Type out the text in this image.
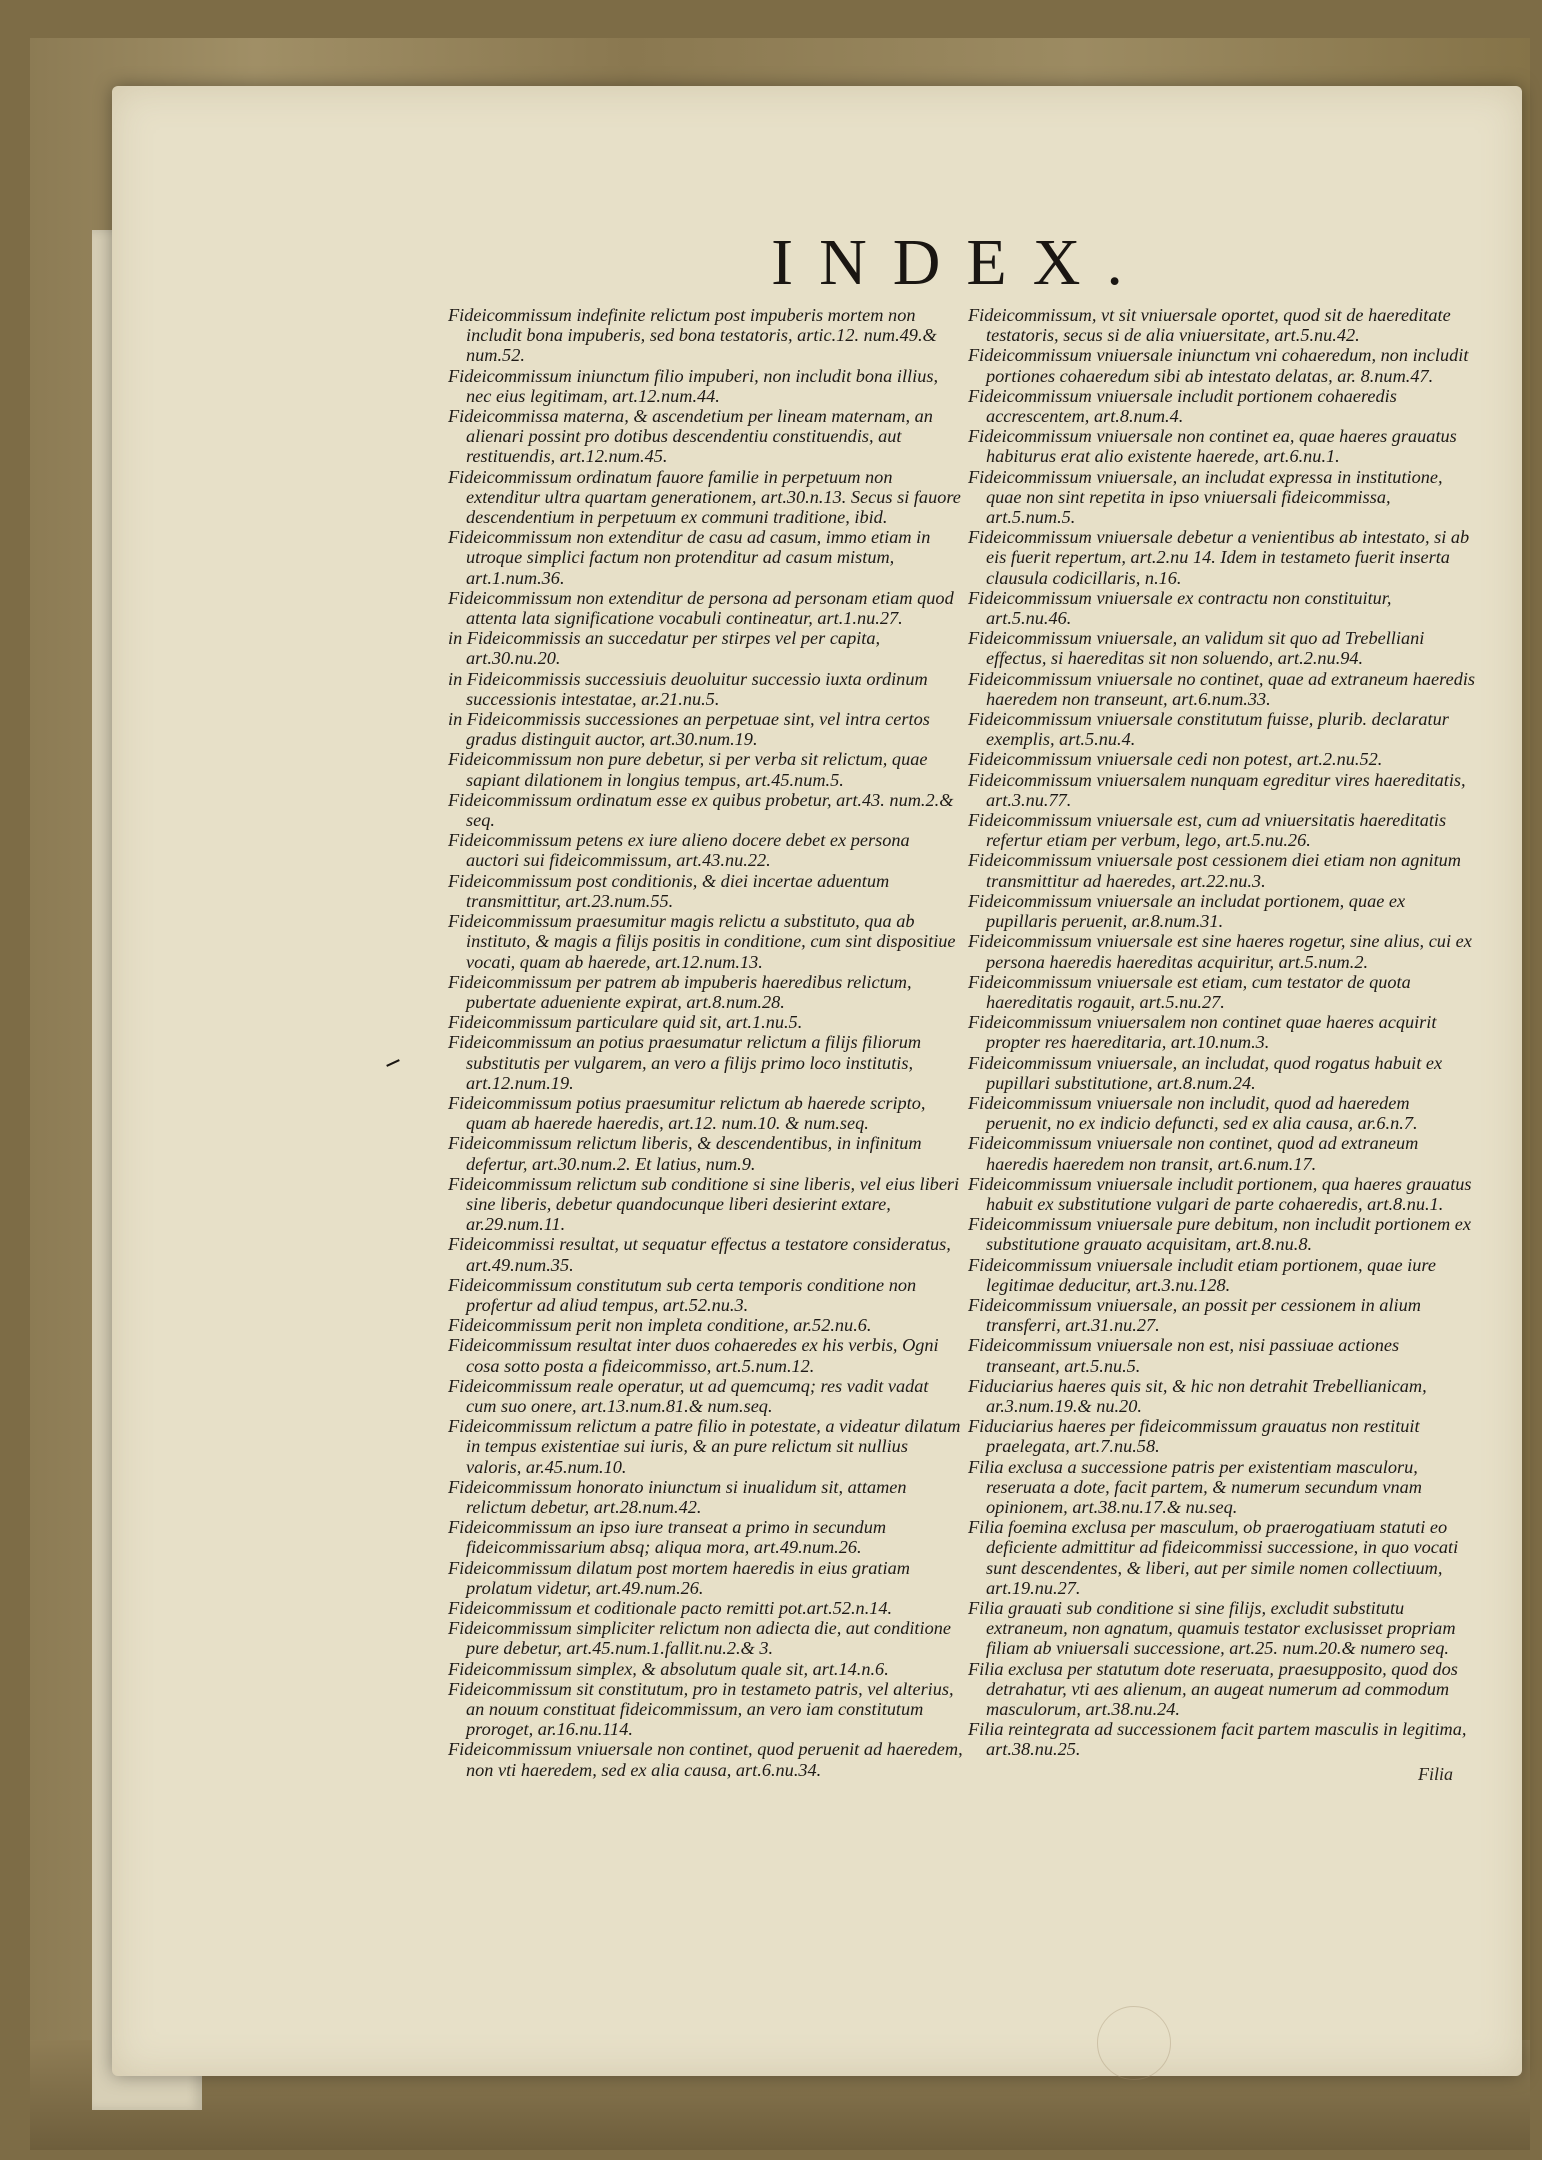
INDEX.

Fideicommissum indefinite relictum post impuberis mortem non includit bona impuberis, sed bona testatoris, artic.12. num.49.& num.52.

Fideicommissum iniunctum filio impuberi, non includit bona illius, nec eius legitimam, art.12.num.44.

Fideicommissa materna, & ascendetium per lineam maternam, an alienari possint pro dotibus descendentiu constituendis, aut restituendis, art.12.num.45.

Fideicommissum ordinatum fauore familie in perpetuum non extenditur ultra quartam generationem, art.30.n.13. Secus si fauore descendentium in perpetuum ex communi traditione, ibid.

Fideicommissum non extenditur de casu ad casum, immo etiam in utroque simplici factum non protenditur ad casum mistum, art.1.num.36.

Fideicommissum non extenditur de persona ad personam etiam quod attenta lata significatione vocabuli contineatur, art.1.nu.27.

in Fideicommissis an succedatur per stirpes vel per capita, art.30.nu.20.

in Fideicommissis successiuis deuoluitur successio iuxta ordinum successionis intestatae, ar.21.nu.5.

in Fideicommissis successiones an perpetuae sint, vel intra certos gradus distinguit auctor, art.30.num.19.

Fideicommissum non pure debetur, si per verba sit relictum, quae sapiant dilationem in longius tempus, art.45.num.5.

Fideicommissum ordinatum esse ex quibus probetur, art.43. num.2.& seq.

Fideicommissum petens ex iure alieno docere debet ex persona auctori sui fideicommissum, art.43.nu.22.

Fideicommissum post conditionis, & diei incertae aduentum transmittitur, art.23.num.55.

Fideicommissum praesumitur magis relictu a substituto, qua ab instituto, & magis a filijs positis in conditione, cum sint dispositiue vocati, quam ab haerede, art.12.num.13.

Fideicommissum per patrem ab impuberis haeredibus relictum, pubertate adueniente expirat, art.8.num.28.

Fideicommissum particulare quid sit, art.1.nu.5.

Fideicommissum an potius praesumatur relictum a filijs filiorum substitutis per vulgarem, an vero a filijs primo loco institutis, art.12.num.19.

Fideicommissum potius praesumitur relictum ab haerede scripto, quam ab haerede haeredis, art.12. num.10. & num.seq.

Fideicommissum relictum liberis, & descendentibus, in infinitum defertur, art.30.num.2. Et latius, num.9.

Fideicommissum relictum sub conditione si sine liberis, vel eius liberi sine liberis, debetur quandocunque liberi desierint extare, ar.29.num.11.

Fideicommissi resultat, ut sequatur effectus a testatore consideratus, art.49.num.35.

Fideicommissum constitutum sub certa temporis conditione non profertur ad aliud tempus, art.52.nu.3.

Fideicommissum perit non impleta conditione, ar.52.nu.6.

Fideicommissum resultat inter duos cohaeredes ex his verbis, Ogni cosa sotto posta a fideicommisso, art.5.num.12.

Fideicommissum reale operatur, ut ad quemcumq; res vadit vadat cum suo onere, art.13.num.81.& num.seq.

Fideicommissum relictum a patre filio in potestate, a videatur dilatum in tempus existentiae sui iuris, & an pure relictum sit nullius valoris, ar.45.num.10.

Fideicommissum honorato iniunctum si inualidum sit, attamen relictum debetur, art.28.num.42.

Fideicommissum an ipso iure transeat a primo in secundum fideicommissarium absq; aliqua mora, art.49.num.26.

Fideicommissum dilatum post mortem haeredis in eius gratiam prolatum videtur, art.49.num.26.

Fideicommissum et coditionale pacto remitti pot.art.52.n.14.

Fideicommissum simpliciter relictum non adiecta die, aut conditione pure debetur, art.45.num.1.fallit.nu.2.& 3.

Fideicommissum simplex, & absolutum quale sit, art.14.n.6.

Fideicommissum sit constitutum, pro in testameto patris, vel alterius, an nouum constituat fideicommissum, an vero iam constitutum proroget, ar.16.nu.114.

Fideicommissum vniuersale non continet, quod peruenit ad haeredem, non vti haeredem, sed ex alia causa, art.6.nu.34.

Fideicommissum, vt sit vniuersale oportet, quod sit de haereditate testatoris, secus si de alia vniuersitate, art.5.nu.42.

Fideicommissum vniuersale iniunctum vni cohaeredum, non includit portiones cohaeredum sibi ab intestato delatas, ar. 8.num.47.

Fideicommissum vniuersale includit portionem cohaeredis accrescentem, art.8.num.4.

Fideicommissum vniuersale non continet ea, quae haeres grauatus habiturus erat alio existente haerede, art.6.nu.1.

Fideicommissum vniuersale, an includat expressa in institutione, quae non sint repetita in ipso vniuersali fideicommissa, art.5.num.5.

Fideicommissum vniuersale debetur a venientibus ab intestato, si ab eis fuerit repertum, art.2.nu 14. Idem in testameto fuerit inserta clausula codicillaris, n.16.

Fideicommissum vniuersale ex contractu non constituitur, art.5.nu.46.

Fideicommissum vniuersale, an validum sit quo ad Trebelliani effectus, si haereditas sit non soluendo, art.2.nu.94.

Fideicommissum vniuersale no continet, quae ad extraneum haeredis haeredem non transeunt, art.6.num.33.

Fideicommissum vniuersale constitutum fuisse, plurib. declaratur exemplis, art.5.nu.4.

Fideicommissum vniuersale cedi non potest, art.2.nu.52.

Fideicommissum vniuersalem nunquam egreditur vires haereditatis, art.3.nu.77.

Fideicommissum vniuersale est, cum ad vniuersitatis haereditatis refertur etiam per verbum, lego, art.5.nu.26.

Fideicommissum vniuersale post cessionem diei etiam non agnitum transmittitur ad haeredes, art.22.nu.3.

Fideicommissum vniuersale an includat portionem, quae ex pupillaris peruenit, ar.8.num.31.

Fideicommissum vniuersale est sine haeres rogetur, sine alius, cui ex persona haeredis haereditas acquiritur, art.5.num.2.

Fideicommissum vniuersale est etiam, cum testator de quota haereditatis rogauit, art.5.nu.27.

Fideicommissum vniuersalem non continet quae haeres acquirit propter res haereditaria, art.10.num.3.

Fideicommissum vniuersale, an includat, quod rogatus habuit ex pupillari substitutione, art.8.num.24.

Fideicommissum vniuersale non includit, quod ad haeredem peruenit, no ex indicio defuncti, sed ex alia causa, ar.6.n.7.

Fideicommissum vniuersale non continet, quod ad extraneum haeredis haeredem non transit, art.6.num.17.

Fideicommissum vniuersale includit portionem, qua haeres grauatus habuit ex substitutione vulgari de parte cohaeredis, art.8.nu.1.

Fideicommissum vniuersale pure debitum, non includit portionem ex substitutione grauato acquisitam, art.8.nu.8.

Fideicommissum vniuersale includit etiam portionem, quae iure legitimae deducitur, art.3.nu.128.

Fideicommissum vniuersale, an possit per cessionem in alium transferri, art.31.nu.27.

Fideicommissum vniuersale non est, nisi passiuae actiones transeant, art.5.nu.5.

Fiduciarius haeres quis sit, & hic non detrahit Trebellianicam, ar.3.num.19.& nu.20.

Fiduciarius haeres per fideicommissum grauatus non restituit praelegata, art.7.nu.58.

Filia exclusa a successione patris per existentiam masculoru, reseruata a dote, facit partem, & numerum secundum vnam opinionem, art.38.nu.17.& nu.seq.

Filia foemina exclusa per masculum, ob praerogatiuam statuti eo deficiente admittitur ad fideicommissi successione, in quo vocati sunt descendentes, & liberi, aut per simile nomen collectiuum, art.19.nu.27.

Filia grauati sub conditione si sine filijs, excludit substitutu extraneum, non agnatum, quamuis testator exclusisset propriam filiam ab vniuersali successione, art.25. num.20.& numero seq.

Filia exclusa per statutum dote reseruata, praesupposito, quod dos detrahatur, vti aes alienum, an augeat numerum ad commodum masculorum, art.38.nu.24.

Filia reintegrata ad successionem facit partem masculis in legitima, art.38.nu.25.

Filia
